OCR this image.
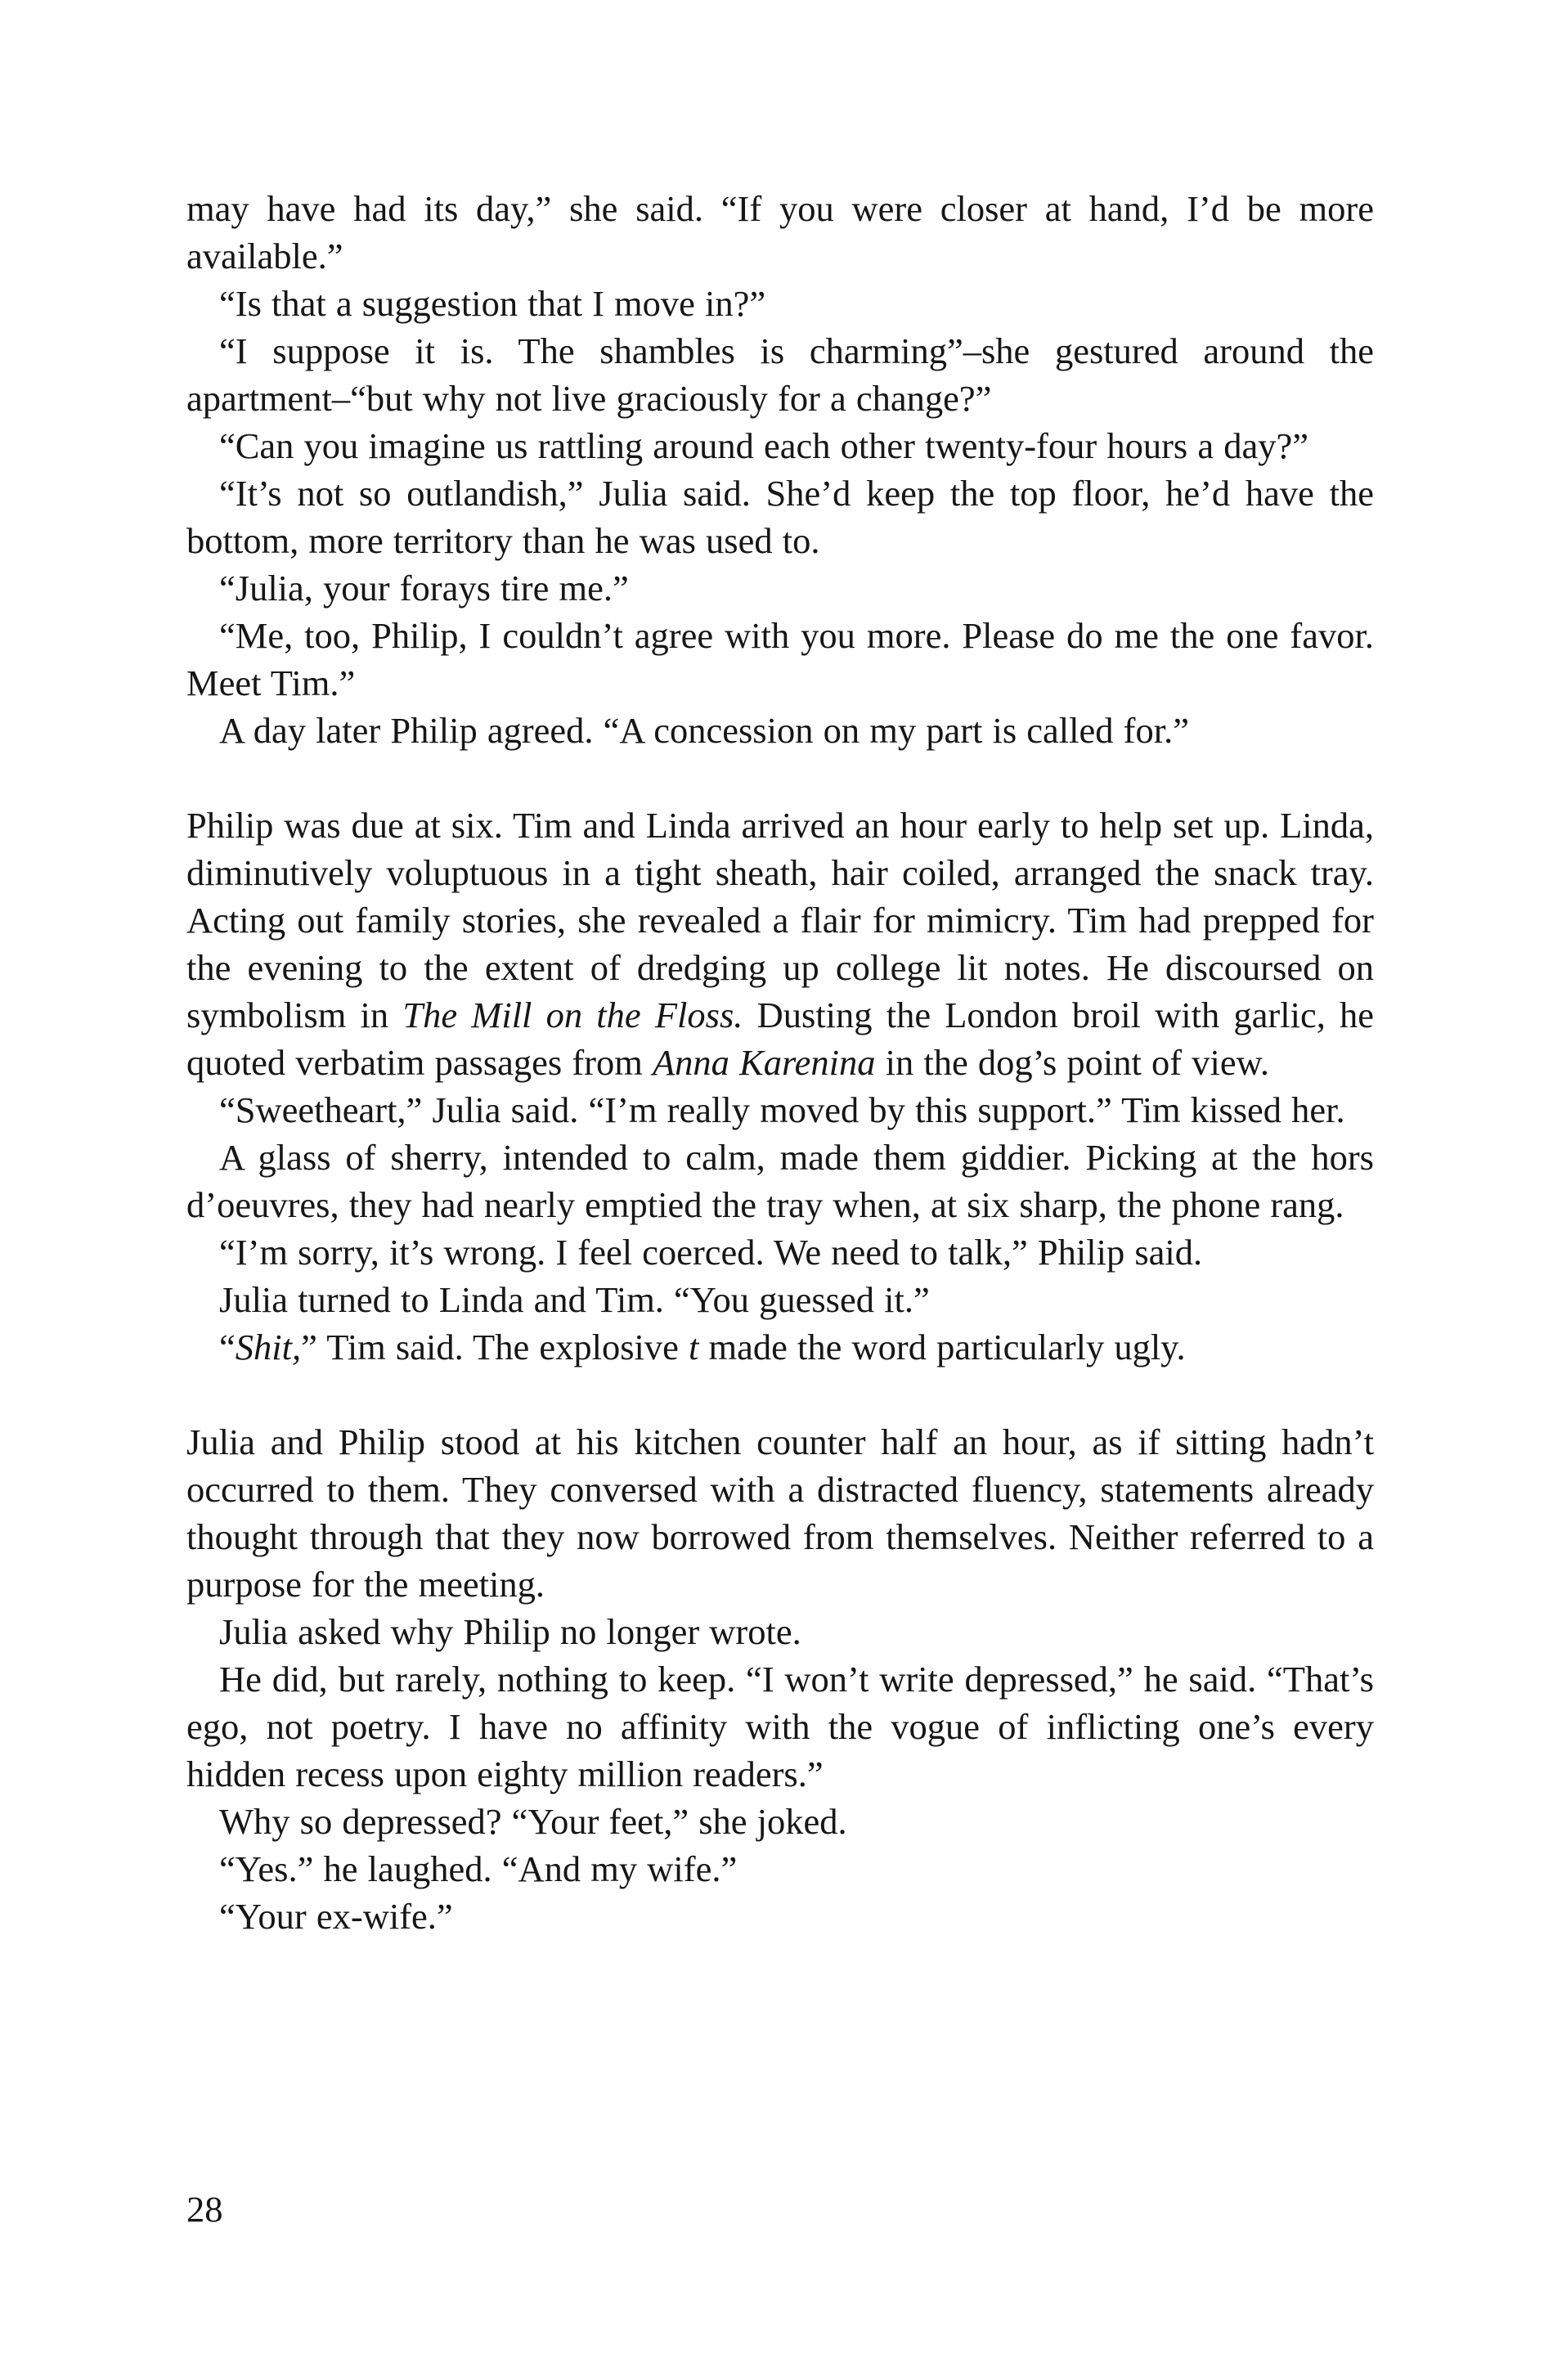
may have had its day,” she said. “If you were closer at hand, I’d be more available.”

“Is that a suggestion that I move in?”

“I suppose it is. The shambles is charming”–she gestured around the apartment–“but why not live graciously for a change?”

“Can you imagine us rattling around each other twenty-four hours a day?”

“It’s not so outlandish,” Julia said. She’d keep the top floor, he’d have the bottom, more territory than he was used to.

“Julia, your forays tire me.”

“Me, too, Philip, I couldn’t agree with you more. Please do me the one favor. Meet Tim.”

A day later Philip agreed. “A concession on my part is called for.”

Philip was due at six. Tim and Linda arrived an hour early to help set up. Linda, diminutively voluptuous in a tight sheath, hair coiled, arranged the snack tray. Acting out family stories, she revealed a flair for mimicry. Tim had prepped for the evening to the extent of dredging up college lit notes. He discoursed on symbolism in The Mill on the Floss. Dusting the London broil with garlic, he quoted verbatim passages from Anna Karenina in the dog’s point of view.

“Sweetheart,” Julia said. “I’m really moved by this support.” Tim kissed her.

A glass of sherry, intended to calm, made them giddier. Picking at the hors d’oeuvres, they had nearly emptied the tray when, at six sharp, the phone rang.

“I’m sorry, it’s wrong. I feel coerced. We need to talk,” Philip said.

Julia turned to Linda and Tim. “You guessed it.”

“Shit,” Tim said. The explosive t made the word particularly ugly.

Julia and Philip stood at his kitchen counter half an hour, as if sitting hadn’t occurred to them. They conversed with a distracted fluency, statements already thought through that they now borrowed from themselves. Neither referred to a purpose for the meeting.

Julia asked why Philip no longer wrote.

He did, but rarely, nothing to keep. “I won’t write depressed,” he said. “That’s ego, not poetry. I have no affinity with the vogue of inflicting one’s every hidden recess upon eighty million readers.”

Why so depressed? “Your feet,” she joked.

“Yes.” he laughed. “And my wife.”

“Your ex-wife.”

28
